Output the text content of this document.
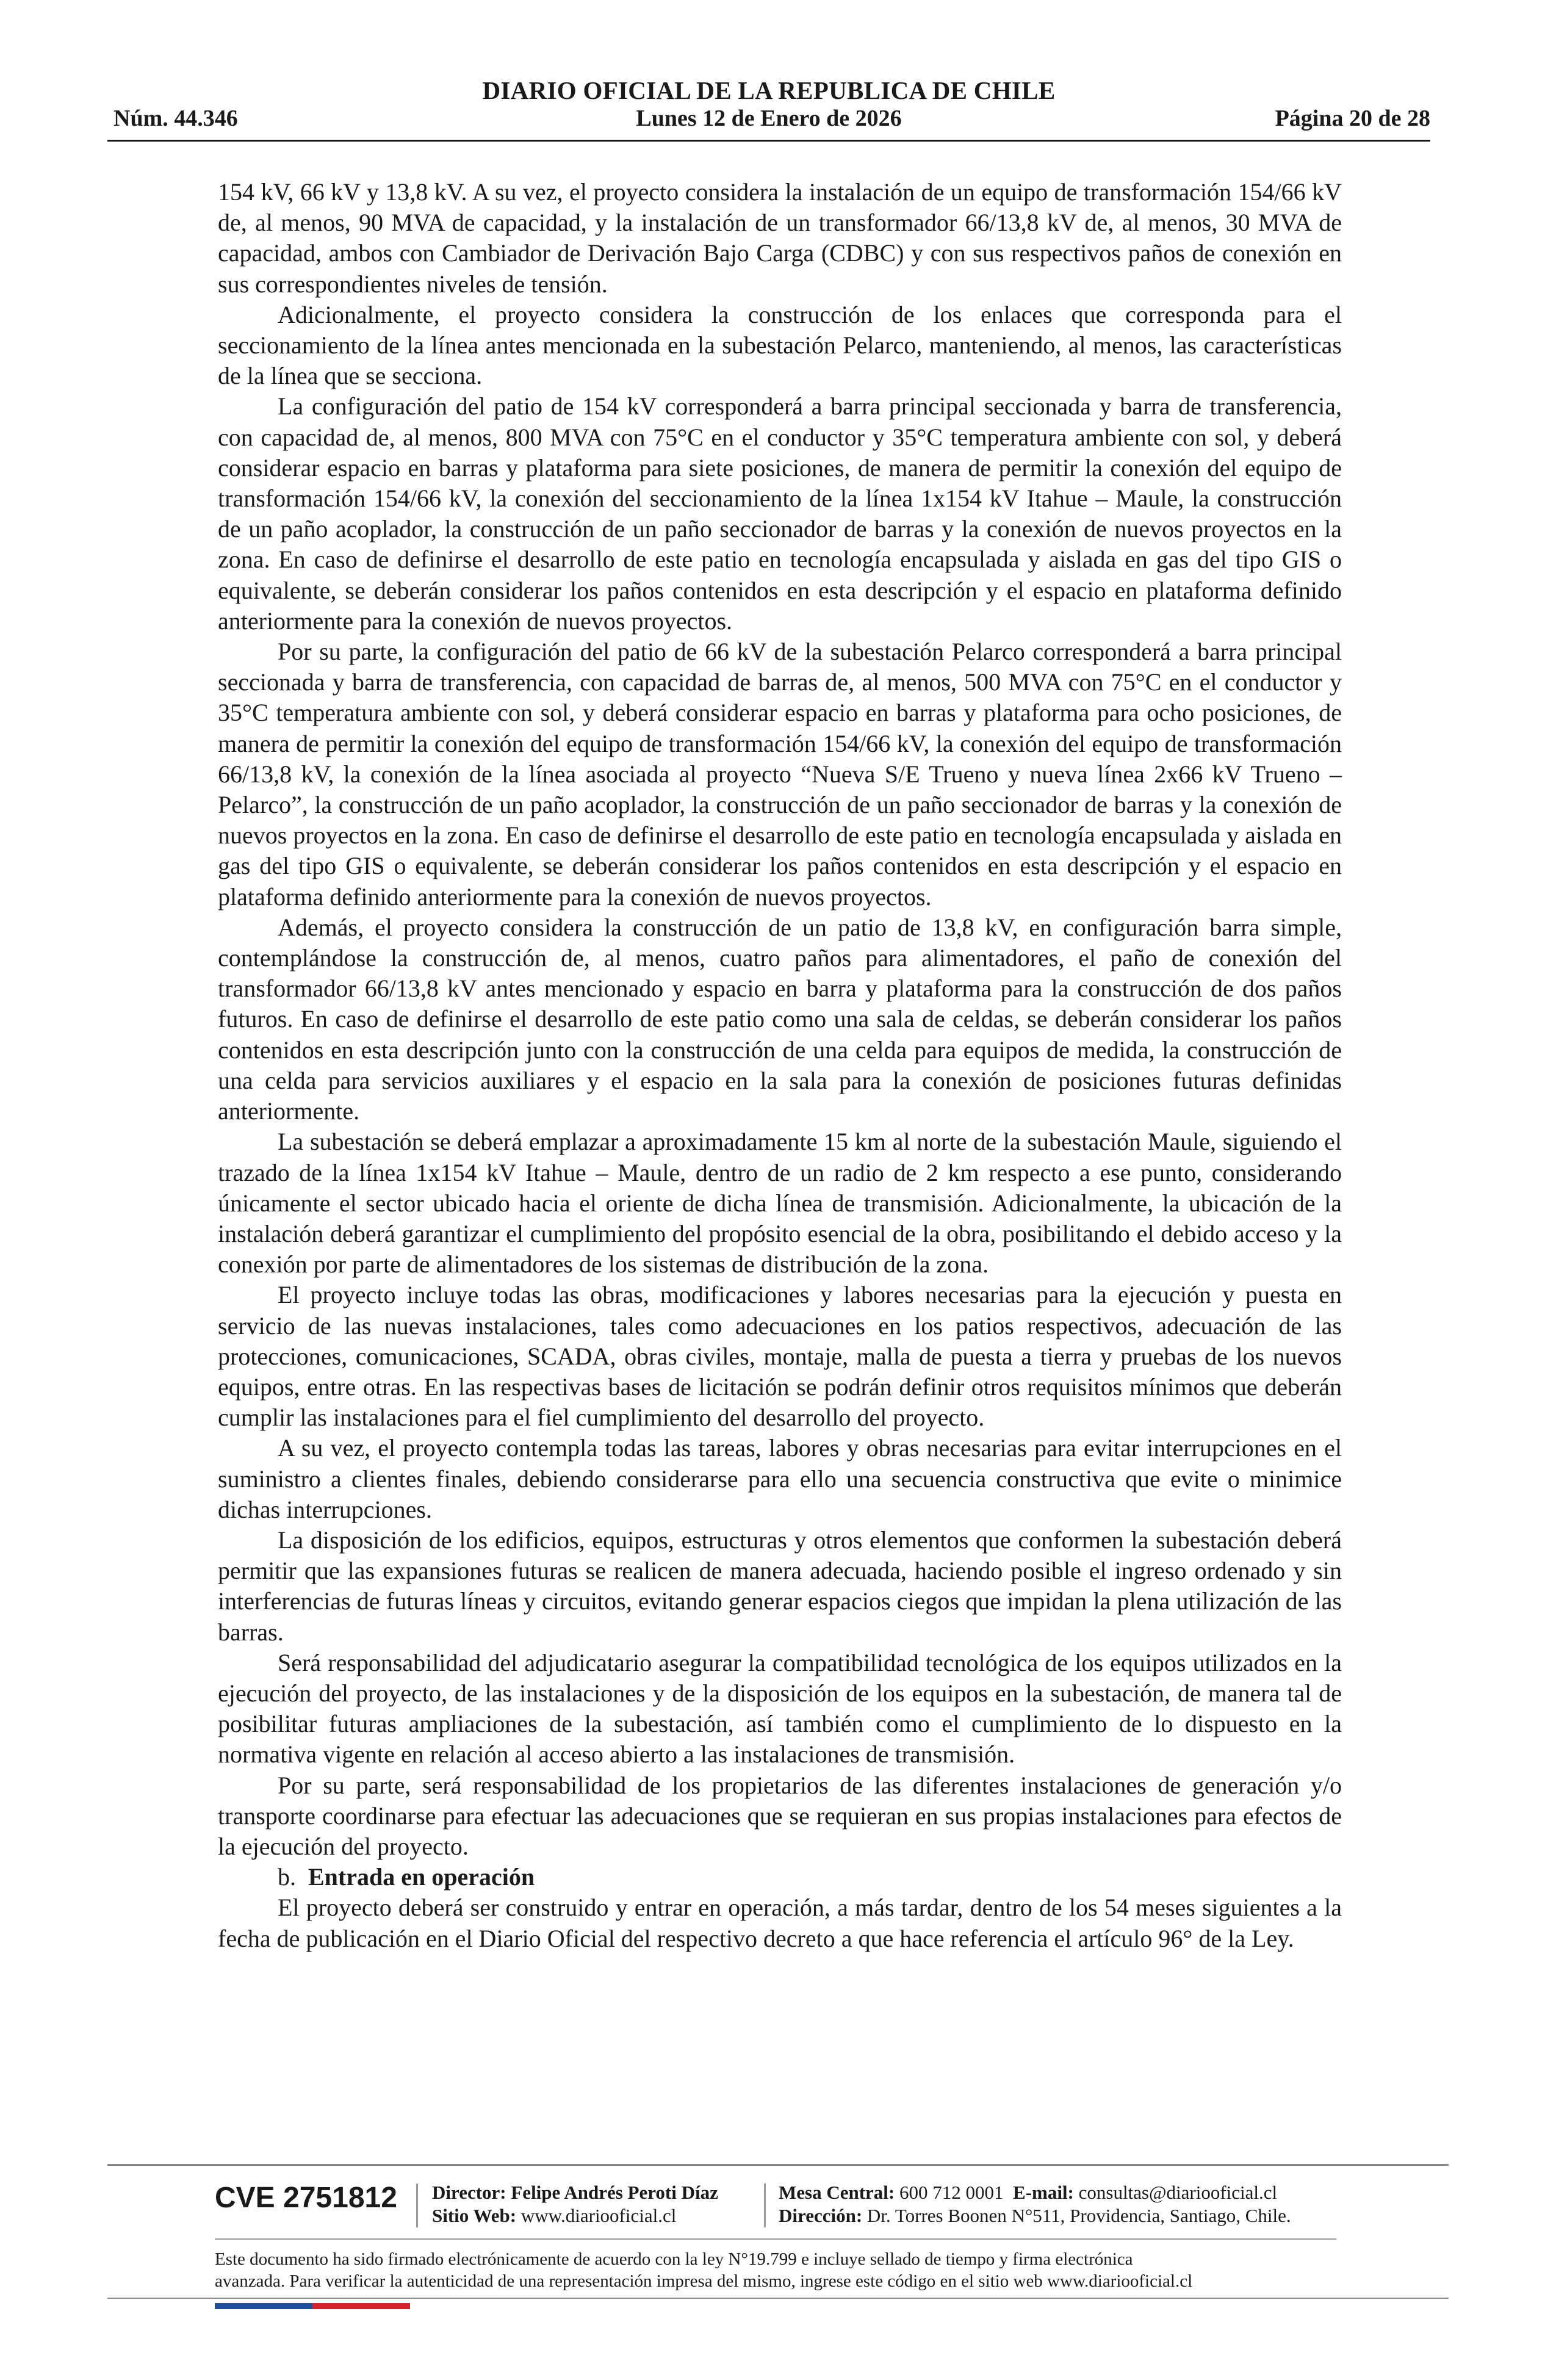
DIARIO OFICIAL DE LA REPUBLICA DE CHILE
Núm. 44.346	Lunes 12 de Enero de 2026	Página 20 de 28

154 kV, 66 kV y 13,8 kV. A su vez, el proyecto considera la instalación de un equipo de transformación 154/66 kV de, al menos, 90 MVA de capacidad, y la instalación de un transformador 66/13,8 kV de, al menos, 30 MVA de capacidad, ambos con Cambiador de Derivación Bajo Carga (CDBC) y con sus respectivos paños de conexión en sus correspondientes niveles de tensión.

Adicionalmente, el proyecto considera la construcción de los enlaces que corresponda para el seccionamiento de la línea antes mencionada en la subestación Pelarco, manteniendo, al menos, las características de la línea que se secciona.

La configuración del patio de 154 kV corresponderá a barra principal seccionada y barra de transferencia, con capacidad de, al menos, 800 MVA con 75°C en el conductor y 35°C temperatura ambiente con sol, y deberá considerar espacio en barras y plataforma para siete posiciones, de manera de permitir la conexión del equipo de transformación 154/66 kV, la conexión del seccionamiento de la línea 1x154 kV Itahue – Maule, la construcción de un paño acoplador, la construcción de un paño seccionador de barras y la conexión de nuevos proyectos en la zona. En caso de definirse el desarrollo de este patio en tecnología encapsulada y aislada en gas del tipo GIS o equivalente, se deberán considerar los paños contenidos en esta descripción y el espacio en plataforma definido anteriormente para la conexión de nuevos proyectos.

Por su parte, la configuración del patio de 66 kV de la subestación Pelarco corresponderá a barra principal seccionada y barra de transferencia, con capacidad de barras de, al menos, 500 MVA con 75°C en el conductor y 35°C temperatura ambiente con sol, y deberá considerar espacio en barras y plataforma para ocho posiciones, de manera de permitir la conexión del equipo de transformación 154/66 kV, la conexión del equipo de transformación 66/13,8 kV, la conexión de la línea asociada al proyecto “Nueva S/E Trueno y nueva línea 2x66 kV Trueno – Pelarco”, la construcción de un paño acoplador, la construcción de un paño seccionador de barras y la conexión de nuevos proyectos en la zona. En caso de definirse el desarrollo de este patio en tecnología encapsulada y aislada en gas del tipo GIS o equivalente, se deberán considerar los paños contenidos en esta descripción y el espacio en plataforma definido anteriormente para la conexión de nuevos proyectos.

Además, el proyecto considera la construcción de un patio de 13,8 kV, en configuración barra simple, contemplándose la construcción de, al menos, cuatro paños para alimentadores, el paño de conexión del transformador 66/13,8 kV antes mencionado y espacio en barra y plataforma para la construcción de dos paños futuros. En caso de definirse el desarrollo de este patio como una sala de celdas, se deberán considerar los paños contenidos en esta descripción junto con la construcción de una celda para equipos de medida, la construcción de una celda para servicios auxiliares y el espacio en la sala para la conexión de posiciones futuras definidas anteriormente.

La subestación se deberá emplazar a aproximadamente 15 km al norte de la subestación Maule, siguiendo el trazado de la línea 1x154 kV Itahue – Maule, dentro de un radio de 2 km respecto a ese punto, considerando únicamente el sector ubicado hacia el oriente de dicha línea de transmisión. Adicionalmente, la ubicación de la instalación deberá garantizar el cumplimiento del propósito esencial de la obra, posibilitando el debido acceso y la conexión por parte de alimentadores de los sistemas de distribución de la zona.

El proyecto incluye todas las obras, modificaciones y labores necesarias para la ejecución y puesta en servicio de las nuevas instalaciones, tales como adecuaciones en los patios respectivos, adecuación de las protecciones, comunicaciones, SCADA, obras civiles, montaje, malla de puesta a tierra y pruebas de los nuevos equipos, entre otras. En las respectivas bases de licitación se podrán definir otros requisitos mínimos que deberán cumplir las instalaciones para el fiel cumplimiento del desarrollo del proyecto.

A su vez, el proyecto contempla todas las tareas, labores y obras necesarias para evitar interrupciones en el suministro a clientes finales, debiendo considerarse para ello una secuencia constructiva que evite o minimice dichas interrupciones.

La disposición de los edificios, equipos, estructuras y otros elementos que conformen la subestación deberá permitir que las expansiones futuras se realicen de manera adecuada, haciendo posible el ingreso ordenado y sin interferencias de futuras líneas y circuitos, evitando generar espacios ciegos que impidan la plena utilización de las barras.

Será responsabilidad del adjudicatario asegurar la compatibilidad tecnológica de los equipos utilizados en la ejecución del proyecto, de las instalaciones y de la disposición de los equipos en la subestación, de manera tal de posibilitar futuras ampliaciones de la subestación, así también como el cumplimiento de lo dispuesto en la normativa vigente en relación al acceso abierto a las instalaciones de transmisión.

Por su parte, será responsabilidad de los propietarios de las diferentes instalaciones de generación y/o transporte coordinarse para efectuar las adecuaciones que se requieran en sus propias instalaciones para efectos de la ejecución del proyecto.

b. Entrada en operación

El proyecto deberá ser construido y entrar en operación, a más tardar, dentro de los 54 meses siguientes a la fecha de publicación en el Diario Oficial del respectivo decreto a que hace referencia el artículo 96° de la Ley.

CVE 2751812 Director: Felipe Andrés Peroti Díaz
Sitio Web: www.diariooficial.cl
Mesa Central: 600 712 0001 E-mail: consultas@diariooficial.cl
Dirección: Dr. Torres Boonen N°511, Providencia, Santiago, Chile.
Este documento ha sido firmado electrónicamente de acuerdo con la ley N°19.799 e incluye sellado de tiempo y firma electrónica
avanzada. Para verificar la autenticidad de una representación impresa del mismo, ingrese este código en el sitio web www.diariooficial.cl
